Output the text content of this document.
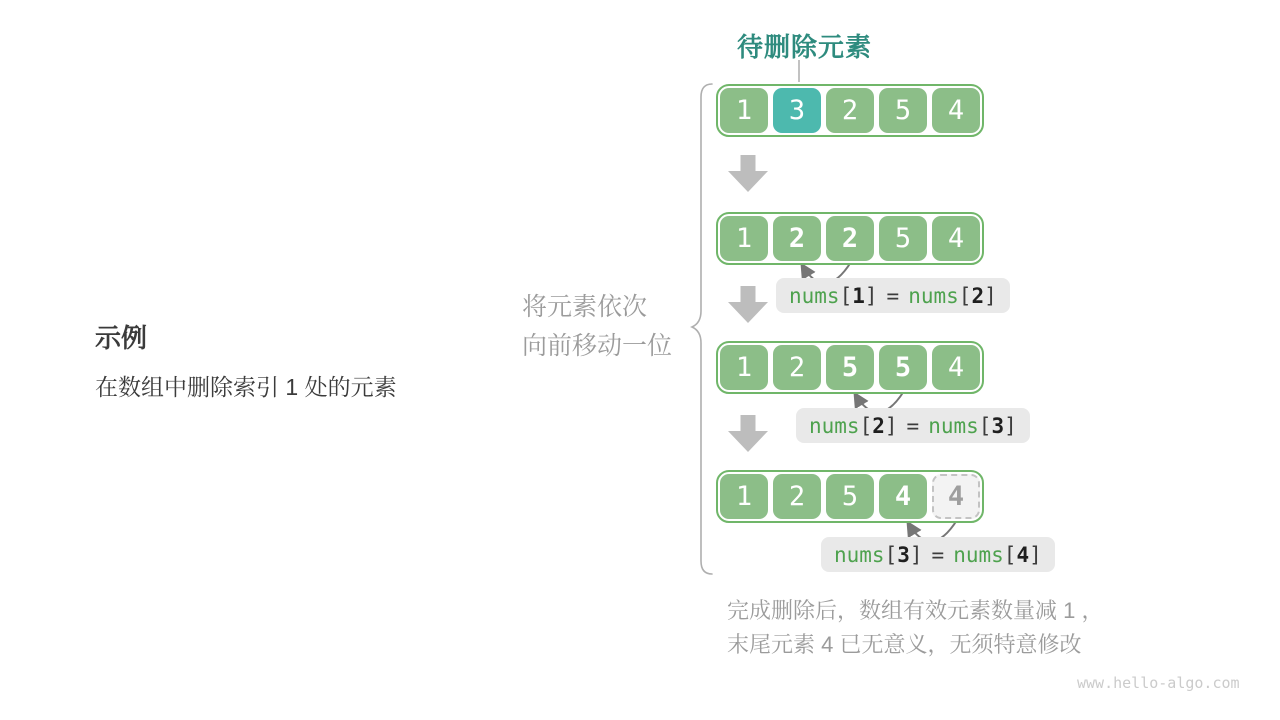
待删除元素
示例
在数组中删除索引 1 处的元素
将元素依次
向前移动一位
1	3	2	5	4
1	2	2	5	4
1	2	5	5	4
1	2	5	4	4
nums [ 1 ] = nums [ 2 ]
nums [ 2 ] = nums [ 3 ]
nums [ 3 ] = nums [ 4 ]
完成删除后，数组有效元素数量减 1 ，
末尾元素 4 已无意义，无须特意修改
www.hello-algo.com
